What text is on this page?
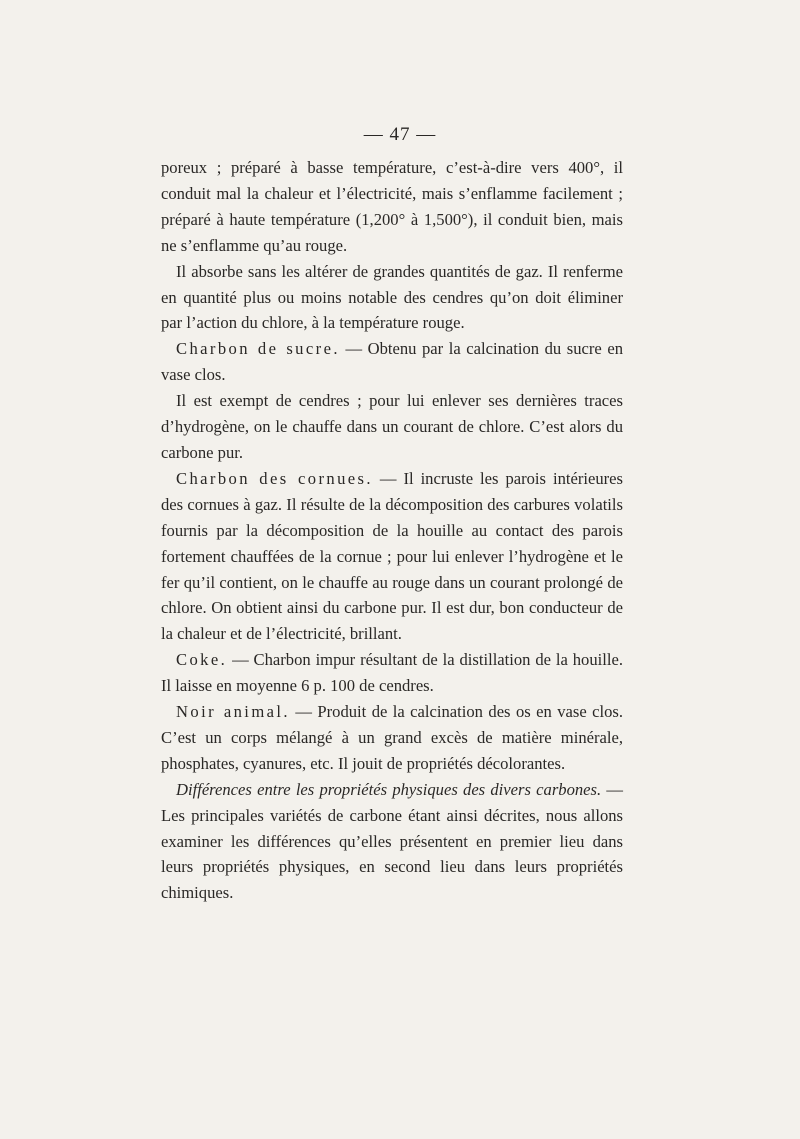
— 47 —

poreux ; préparé à basse température, c’est-à-dire vers 400°, il conduit mal la chaleur et l’électricité, mais s’enflamme facilement ; préparé à haute température (1,200° à 1,500°), il conduit bien, mais ne s’enflamme qu’au rouge.

Il absorbe sans les altérer de grandes quantités de gaz. Il renferme en quantité plus ou moins notable des cendres qu’on doit éliminer par l’action du chlore, à la température rouge.

Charbon de sucre. — Obtenu par la calcination du sucre en vase clos.

Il est exempt de cendres ; pour lui enlever ses dernières traces d’hydrogène, on le chauffe dans un courant de chlore. C’est alors du carbone pur.

Charbon des cornues. — Il incruste les parois intérieures des cornues à gaz. Il résulte de la décomposition des carbures volatils fournis par la décomposition de la houille au contact des parois fortement chauffées de la cornue ; pour lui enlever l’hydrogène et le fer qu’il contient, on le chauffe au rouge dans un courant prolongé de chlore. On obtient ainsi du carbone pur. Il est dur, bon conducteur de la chaleur et de l’électricité, brillant.

Coke. — Charbon impur résultant de la distillation de la houille. Il laisse en moyenne 6 p. 100 de cendres.

Noir animal. — Produit de la calcination des os en vase clos. C’est un corps mélangé à un grand excès de matière minérale, phosphates, cyanures, etc. Il jouit de propriétés décolorantes.

Différences entre les propriétés physiques des divers carbones. — Les principales variétés de carbone étant ainsi décrites, nous allons examiner les différences qu’elles présentent en premier lieu dans leurs propriétés physiques, en second lieu dans leurs propriétés chimiques.
